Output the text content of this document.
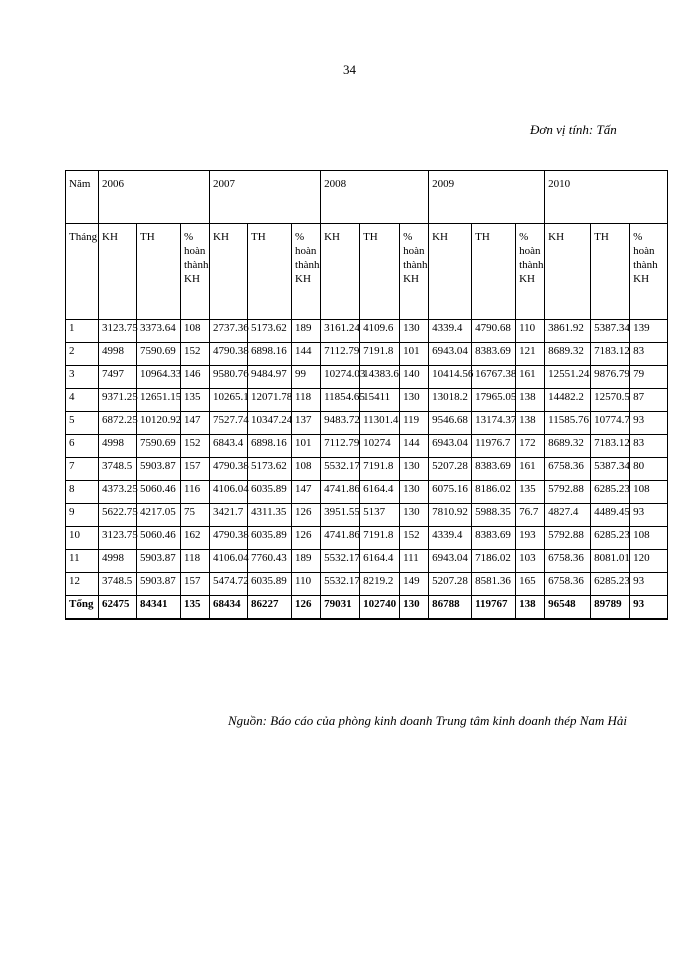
34
Đơn vị tính: Tấn
Năm	2006			2007			2008			2009			2010		
Tháng	KH	TH	% hoàn thành KH	KH	TH	% hoàn thành KH	KH	TH	% hoàn thành KH	KH	TH	% hoàn thành KH	KH	TH	% hoàn thành KH
1	3123.75	3373.64	108	2737.36	5173.62	189	3161.24	4109.6	130	4339.4	4790.68	110	3861.92	5387.34	139
2	4998	7590.69	152	4790.38	6898.16	144	7112.79	7191.8	101	6943.04	8383.69	121	8689.32	7183.12	83
3	7497	10964.33	146	9580.76	9484.97	99	10274.03	14383.6	140	10414.56	16767.38	161	12551.24	9876.79	79
4	9371.25	12651.15	135	10265.1	12071.78	118	11854.65	15411	130	13018.2	17965.05	138	14482.2	12570.5	87
5	6872.25	10120.92	147	7527.74	10347.24	137	9483.72	11301.4	119	9546.68	13174.37	138	11585.76	10774.7	93
6	4998	7590.69	152	6843.4	6898.16	101	7112.79	10274	144	6943.04	11976.7	172	8689.32	7183.12	83
7	3748.5	5903.87	157	4790.38	5173.62	108	5532.17	7191.8	130	5207.28	8383.69	161	6758.36	5387.34	80
8	4373.25	5060.46	116	4106.04	6035.89	147	4741.86	6164.4	130	6075.16	8186.02	135	5792.88	6285.23	108
9	5622.75	4217.05	75	3421.7	4311.35	126	3951.55	5137	130	7810.92	5988.35	76.7	4827.4	4489.45	93
10	3123.75	5060.46	162	4790.38	6035.89	126	4741.86	7191.8	152	4339.4	8383.69	193	5792.88	6285.23	108
11	4998	5903.87	118	4106.04	7760.43	189	5532.17	6164.4	111	6943.04	7186.02	103	6758.36	8081.01	120
12	3748.5	5903.87	157	5474.72	6035.89	110	5532.17	8219.2	149	5207.28	8581.36	165	6758.36	6285.23	93
Tổng	62475	84341	135	68434	86227	126	79031	102740	130	86788	119767	138	96548	89789	93
Nguồn: Báo cáo của phòng kinh doanh Trung tâm kinh doanh thép Nam Hải
